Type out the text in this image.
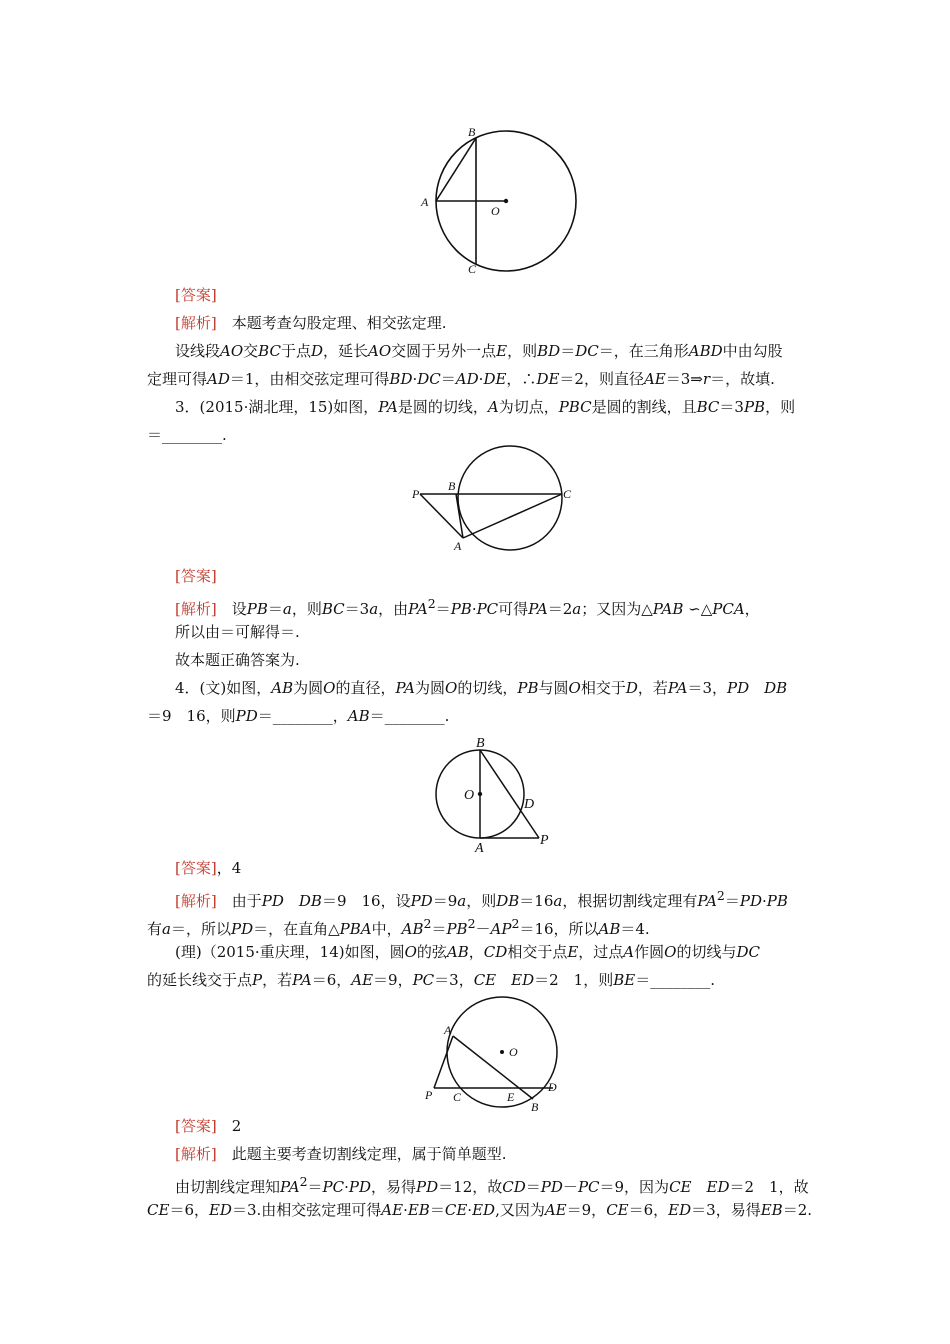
B
A
O
C
[答案]
[解析]　 本题考查勾股定理、相交弦定理.
设线段AO交BC于点D，延长AO交圆于另外一点E，则BD＝DC＝，在三角形ABD中由勾股
定理可得AD＝1，由相交弦定理可得BD·DC＝AD·DE，∴DE＝2，则直径AE＝3⇒r＝，故填.
3．(2015·湖北理，15)如图，PA是圆的切线，A为切点，PBC是圆的割线，且BC＝3PB，则
＝________.
P
B
C
A
[答案]
[解析]　 设PB＝a，则BC＝3a，由$PA^2=PB\cdot PC$可得PA＝2a；又因为△PAB ∽△PCA，
所以由＝可解得＝.
故本题正确答案为.
4．(文)如图，AB为圆O的直径，PA为圆O的切线，PB与圆O相交于D，若PA＝3，PD　 DB
＝9　16，则PD＝________，AB＝________.
B
O
D
A
P
[答案]，4
[解析]　 由于PD　 DB＝9　16，设PD＝9a，则DB＝16a，根据切割线定理有$PA^2=PD\cdot PB$
有a＝，所以PD＝，在直角△PBA中，$AB^2=PB^2-AP^2=16$，所以AB＝4.
(理)（2015·重庆理，14)如图，圆O的弦AB，CD相交于点E，过点A作圆O的切线与DC
的延长线交于点P，若PA＝6，AE＝9，PC＝3，CE　 ED＝2　1，则BE＝________.
A
O
D
P C	E
B
[答案]　 2
[解析]　 此题主要考查切割线定理，属于简单题型.
由切割线定理知$PA^2=PC\cdot PD$，易得PD＝12，故CD＝PD－PC＝9，因为CE　 ED＝2　1，故
CE＝6，ED＝3.由相交弦定理可得AE·EB＝CE·ED,又因为AE＝9，CE＝6，ED＝3，易得EB＝2.
